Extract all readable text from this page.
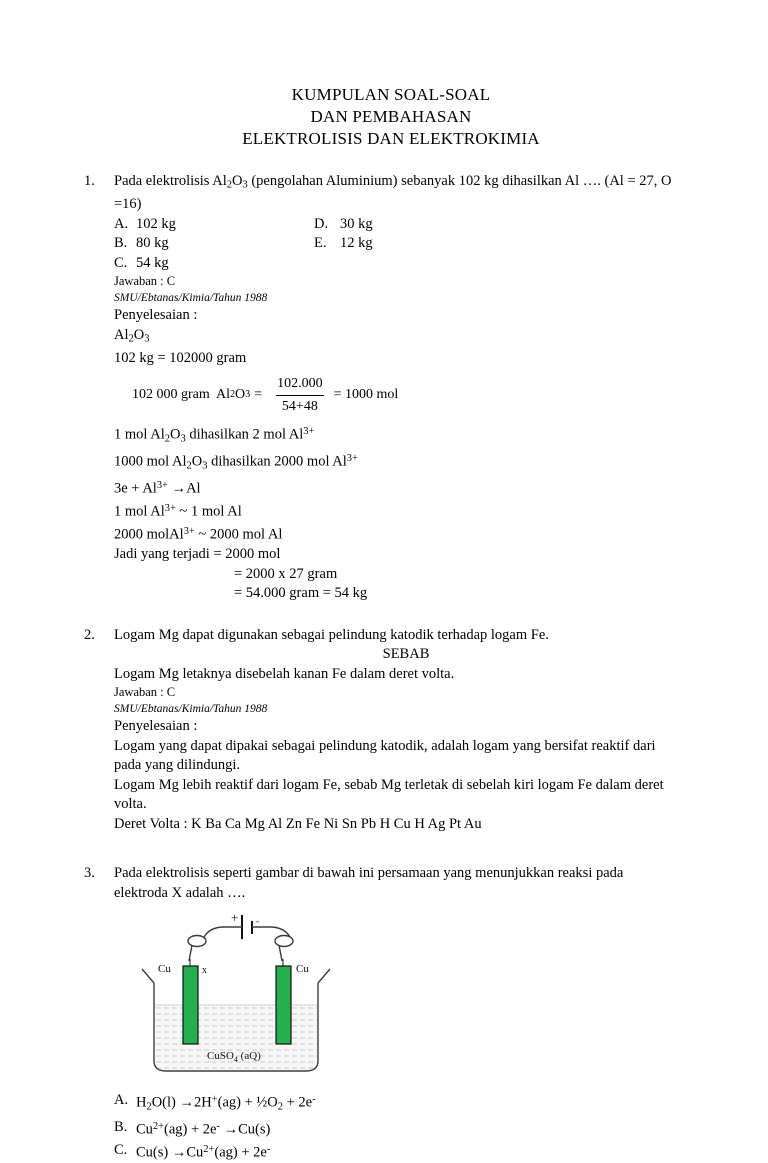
KUMPULAN SOAL-SOAL
DAN PEMBAHASAN
ELEKTROLISIS DAN ELEKTROKIMIA
1.	Pada elektrolisis $Al_2O_3$ (pengolahan Aluminium) sebanyak 102 kg dihasilkan Al …. (Al = 27, O

=16)

A. 102 kg	D. 30 kg
B. 80 kg	E. 12 kg
C. 54 kg

Jawaban : C

SMU/Ebtanas/Kimia/Tahun 1988

Penyelesaian :

$Al_2O_3$

102 kg = 102000 gram

102 000 gram  Al 2 O $3 = \frac{102.000}{54+48} = 1000$ mol

1 mol $Al_2O_3$ dihasilkan 2 mol $Al^{3+}$

1000 mol $Al_2O_3$ dihasilkan 2000 mol $Al^{3+}$

$3e + Al^{3+} \to Al$

1 mol $Al^{3+}$ ~ 1 mol Al

2000 molAl$^{3+}$ ~ 2000 mol Al

Jadi yang terjadi = 2000 mol

= 2000 x 27 gram

= 54.000 gram = 54 kg

2.	Logam Mg dapat digunakan sebagai pelindung katodik terhadap logam Fe.

SEBAB

Logam Mg letaknya disebelah kanan Fe dalam deret volta.

Jawaban : C

SMU/Ebtanas/Kimia/Tahun 1988

Penyelesaian :

Logam yang dapat dipakai sebagai pelindung katodik, adalah logam yang bersifat reaktif dari

pada yang dilindungi.

Logam Mg lebih reaktif dari logam Fe, sebab Mg terletak di sebelah kiri logam Fe dalam deret

volta.

Deret Volta : K Ba Ca Mg Al Zn Fe Ni Sn Pb H Cu H Ag Pt Au

3.	Pada elektrolisis seperti gambar di bawah ini persamaan yang menunjukkan reaksi pada

elektroda X adalah ….

+ -
Cu	x	Cu
CuSO$_4$ (aQ)
A. $H_2O(l) \to 2H^+(ag)$ + $\frac{1}{2}O_2 + 2e^-$
B. $Cu^{2+}(ag) + 2e^- \to Cu(s)$
C. $Cu(s) \to Cu^{2+}(ag) + 2e^-$
